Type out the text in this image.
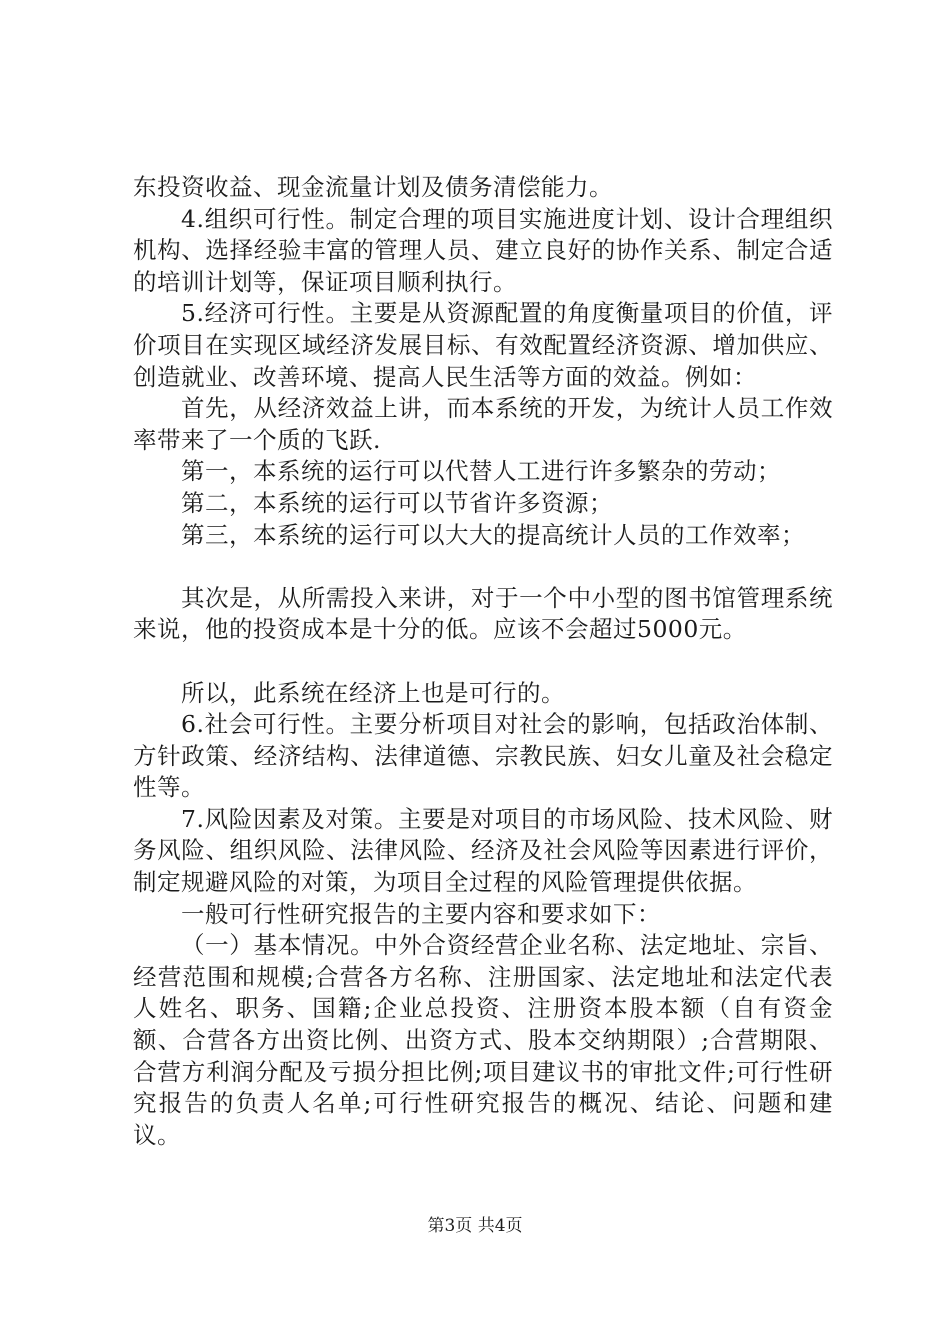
东投资收益、现金流量计划及债务清偿能力。

4.组织可行性。制定合理的项目实施进度计划、设计合理组织机构、选择经验丰富的管理人员、建立良好的协作关系、制定合适的培训计划等，保证项目顺利执行。

5.经济可行性。主要是从资源配置的角度衡量项目的价值，评价项目在实现区域经济发展目标、有效配置经济资源、增加供应、创造就业、改善环境、提高人民生活等方面的效益。例如：

首先，从经济效益上讲，而本系统的开发，为统计人员工作效率带来了一个质的飞跃.

第一，本系统的运行可以代替人工进行许多繁杂的劳动；

第二，本系统的运行可以节省许多资源；

第三，本系统的运行可以大大的提高统计人员的工作效率；

其次是，从所需投入来讲，对于一个中小型的图书馆管理系统来说，他的投资成本是十分的低。应该不会超过5000元。

所以，此系统在经济上也是可行的。

6.社会可行性。主要分析项目对社会的影响，包括政治体制、方针政策、经济结构、法律道德、宗教民族、妇女儿童及社会稳定性等。

7.风险因素及对策。主要是对项目的市场风险、技术风险、财务风险、组织风险、法律风险、经济及社会风险等因素进行评价，制定规避风险的对策，为项目全过程的风险管理提供依据。

一般可行性研究报告的主要内容和要求如下：

（一）基本情况。中外合资经营企业名称、法定地址、宗旨、经营范围和规模;合营各方名称、注册国家、法定地址和法定代表人姓名、职务、国籍;企业总投资、注册资本股本额（自有资金额、合营各方出资比例、出资方式、股本交纳期限）;合营期限、合营方利润分配及亏损分担比例;项目建议书的审批文件;可行性研究报告的负责人名单;可行性研究报告的概况、结论、问题和建议。

第3页 共4页
